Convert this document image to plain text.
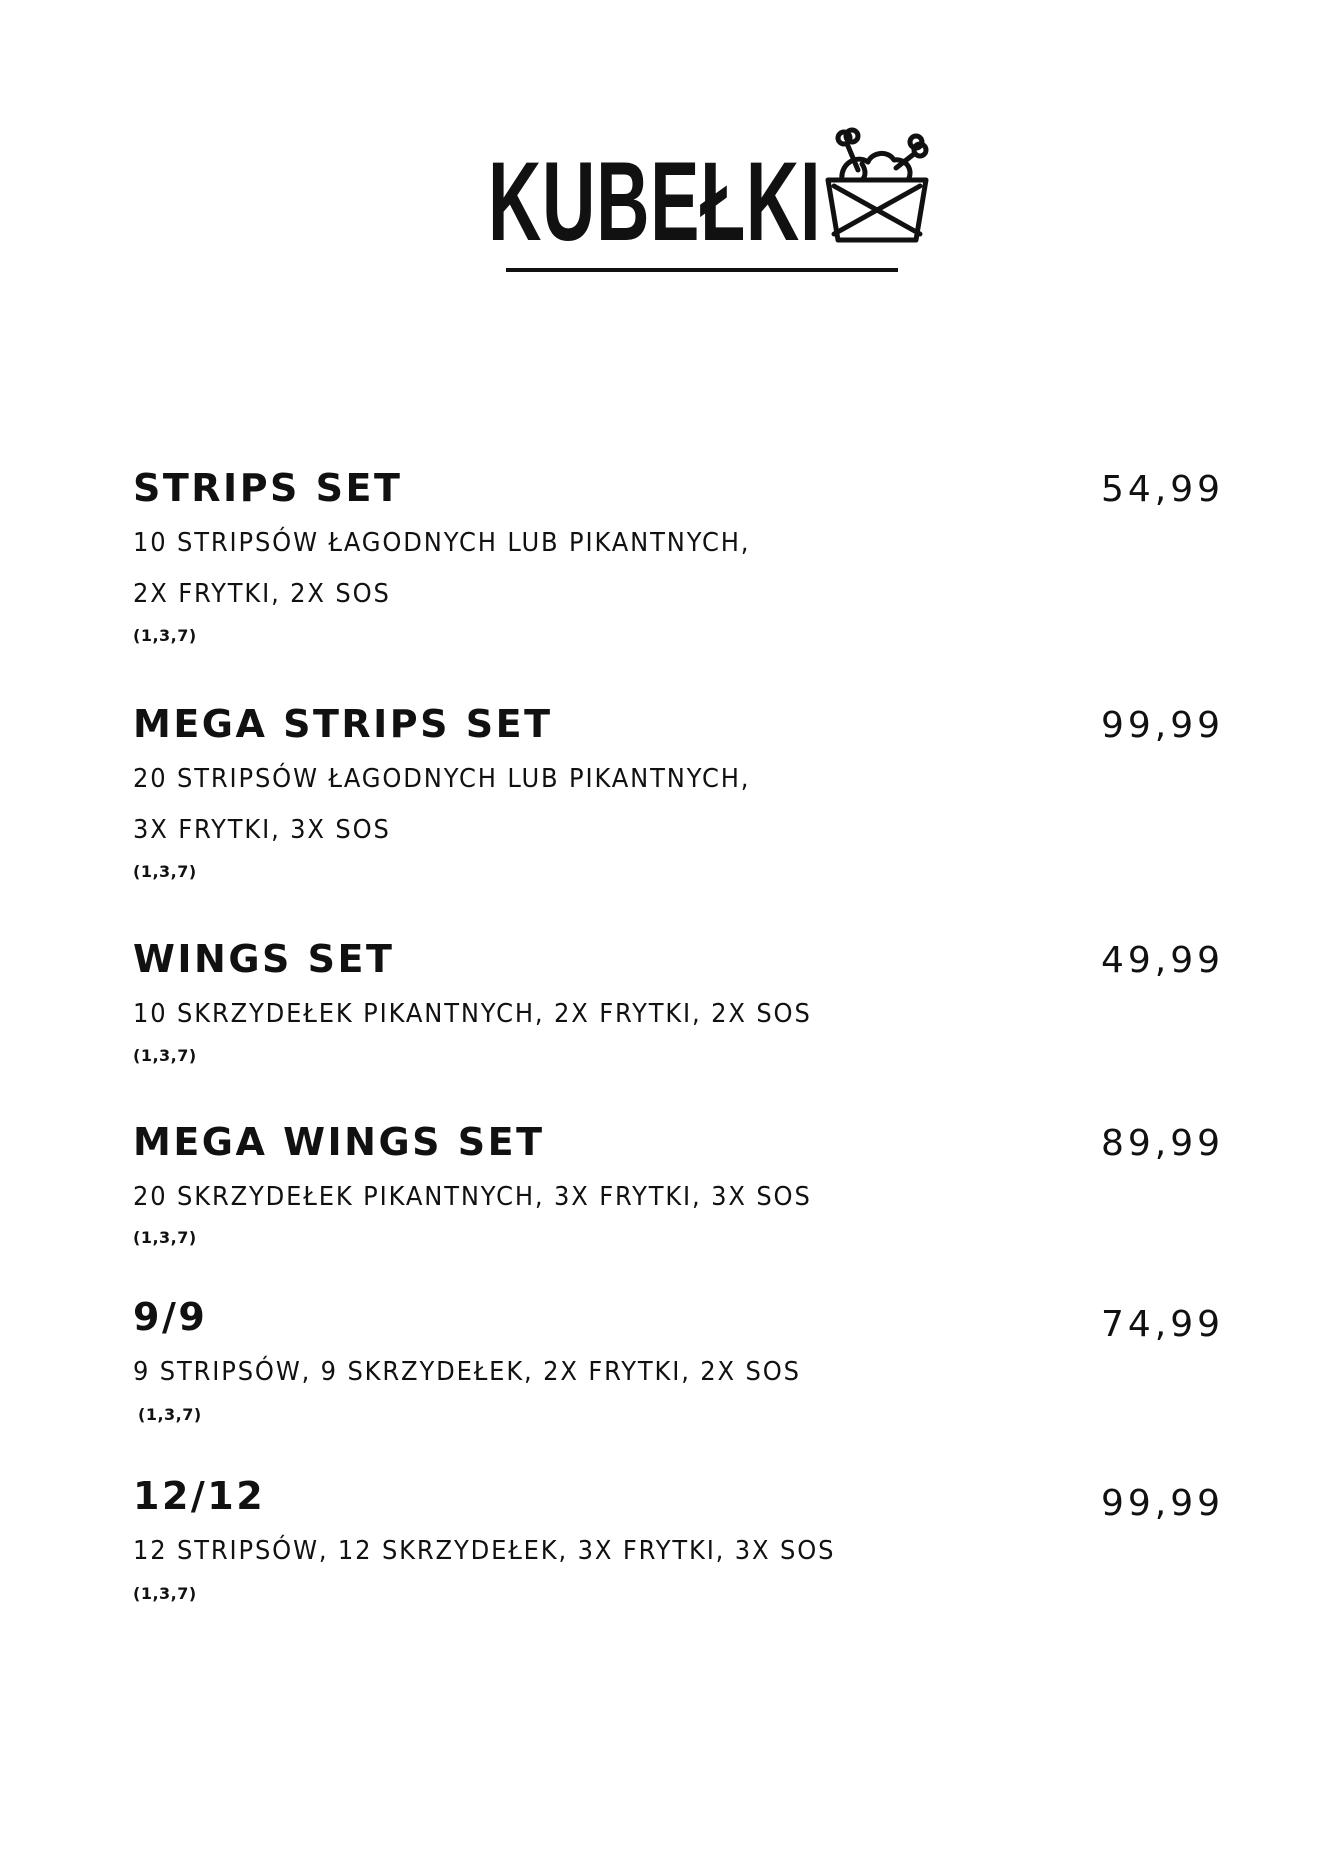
KUBEŁKI
STRIPS SET	54,99
10 STRIPSÓW ŁAGODNYCH LUB PIKANTNYCH,
2X FRYTKI, 2X SOS
(1,3,7)
MEGA STRIPS SET	99,99
20 STRIPSÓW ŁAGODNYCH LUB PIKANTNYCH,
3X FRYTKI, 3X SOS
(1,3,7)
WINGS SET	49,99
10 SKRZYDEŁEK PIKANTNYCH, 2X FRYTKI, 2X SOS
(1,3,7)
MEGA WINGS SET	89,99
20 SKRZYDEŁEK PIKANTNYCH, 3X FRYTKI, 3X SOS
(1,3,7)
9/9	74,99
9 STRIPSÓW, 9 SKRZYDEŁEK, 2X FRYTKI, 2X SOS
(1,3,7)
12/12	99,99
12 STRIPSÓW, 12 SKRZYDEŁEK, 3X FRYTKI, 3X SOS
(1,3,7)
